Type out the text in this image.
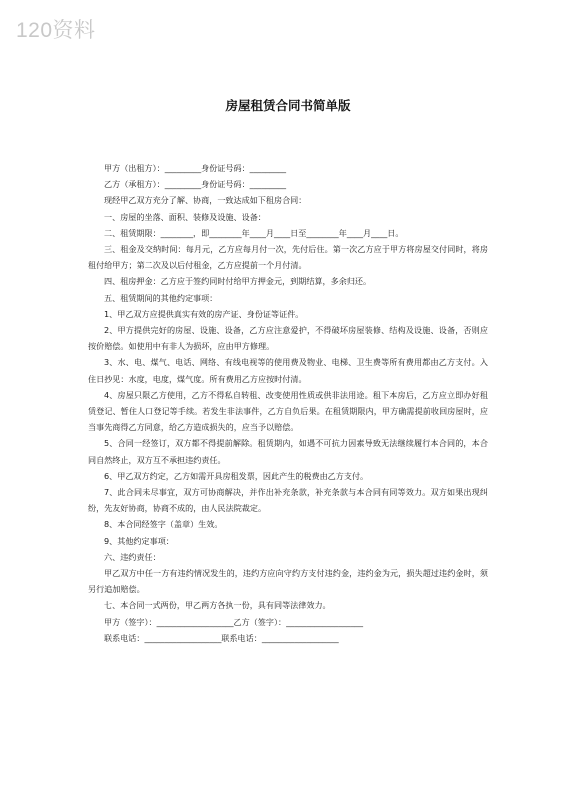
120资料
房屋租赁合同书简单版

甲方（出租方）：_________身份证号码：_________

乙方（承租方）：_________身份证号码：_________

现经甲乙双方充分了解、协商，一致达成如下租房合同：

一、房屋的坐落、面积、装修及设施、设备：

二、租赁期限：________，即________年____月____日至________年____月____日。

三、租金及交纳时间：每月元，乙方应每月付一次，先付后住。第一次乙方应于甲方将房屋交付同时，将房租付给甲方；第二次及以后付租金，乙方应提前一个月付清。

四、租房押金：乙方应于签约同时付给甲方押金元，到期结算，多余归还。

五、租赁期间的其他约定事项：

1、甲乙双方应提供真实有效的房产证、身份证等证件。

2、甲方提供完好的房屋、设施、设备，乙方应注意爱护，不得破坏房屋装修、结构及设施、设备，否则应按价赔偿。如使用中有非人为损坏，应由甲方修理。

3、水、电、煤气、电话、网络、有线电视等的使用费及物业、电梯、卫生费等所有费用都由乙方支付。入住日抄见：水度，电度，煤气度。所有费用乙方应按时付清。

4、房屋只限乙方使用，乙方不得私自转租、改变使用性质或供非法用途。租下本房后，乙方应立即办好租赁登记、暂住人口登记等手续。若发生非法事件，乙方自负后果。在租赁期限内，甲方确需提前收回房屋时，应当事先商得乙方同意，给乙方造成损失的，应当予以赔偿。

5、合同一经签订，双方都不得提前解除。租赁期内，如遇不可抗力因素导致无法继续履行本合同的，本合同自然终止，双方互不承担违约责任。

6、甲乙双方约定，乙方如需开具房租发票，因此产生的税费由乙方支付。

7、此合同未尽事宜，双方可协商解决，并作出补充条款，补充条款与本合同有同等效力。双方如果出现纠纷，先友好协商，协商不成的，由人民法院裁定。

8、本合同经签字（盖章）生效。

9、其他约定事项：

六、违约责任：

甲乙双方中任一方有违约情况发生的，违约方应向守约方支付违约金，违约金为元，损失超过违约金时，须另行追加赔偿。

七、本合同一式两份，甲乙两方各执一份，具有同等法律效力。

甲方（签字）：___________________乙方（签字）：___________________

联系电话：___________________联系电话：___________________
